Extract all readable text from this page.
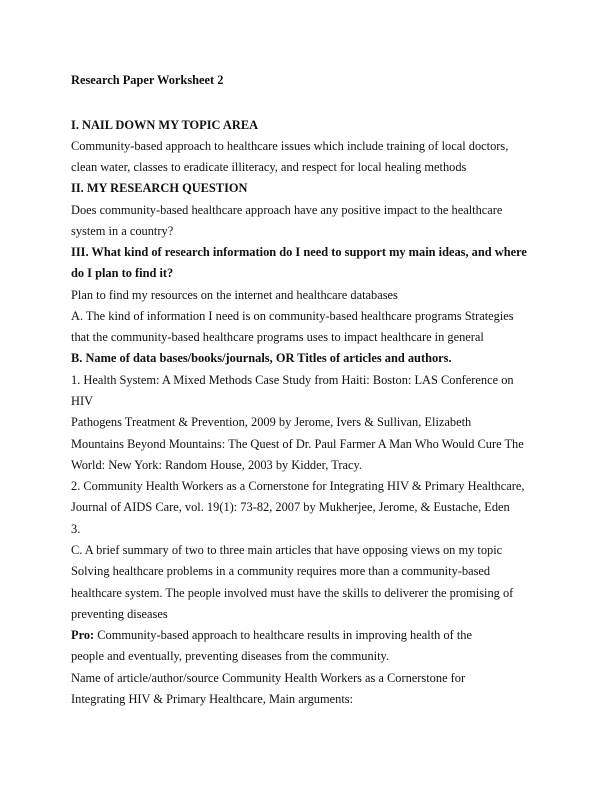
Research Paper Worksheet 2
I. NAIL DOWN MY TOPIC AREA
Community-based approach to healthcare issues which include training of local doctors,
clean water, classes to eradicate illiteracy, and respect for local healing methods
II. MY RESEARCH QUESTION
Does community-based healthcare approach have any positive impact to the healthcare
system in a country?
III. What kind of research information do I need to support my main ideas, and where
do I plan to find it?
Plan to find my resources on the internet and healthcare databases
A. The kind of information I need is on community-based healthcare programs Strategies
that the community-based healthcare programs uses to impact healthcare in general
B. Name of data bases/books/journals, OR Titles of articles and authors.
1. Health System: A Mixed Methods Case Study from Haiti: Boston: LAS Conference on
HIV
Pathogens Treatment & Prevention, 2009 by Jerome, Ivers & Sullivan, Elizabeth
Mountains Beyond Mountains: The Quest of Dr. Paul Farmer A Man Who Would Cure The
World: New York: Random House, 2003 by Kidder, Tracy.
2. Community Health Workers as a Cornerstone for Integrating HIV & Primary Healthcare,
Journal of AIDS Care, vol. 19(1): 73-82, 2007 by Mukherjee, Jerome, & Eustache, Eden
3.
C. A brief summary of two to three main articles that have opposing views on my topic
Solving healthcare problems in a community requires more than a community-based
healthcare system. The people involved must have the skills to deliverer the promising of
preventing diseases
Pro: Community-based approach to healthcare results in improving health of the
people and eventually, preventing diseases from the community.
Name of article/author/source Community Health Workers as a Cornerstone for
Integrating HIV & Primary Healthcare, Main arguments:
